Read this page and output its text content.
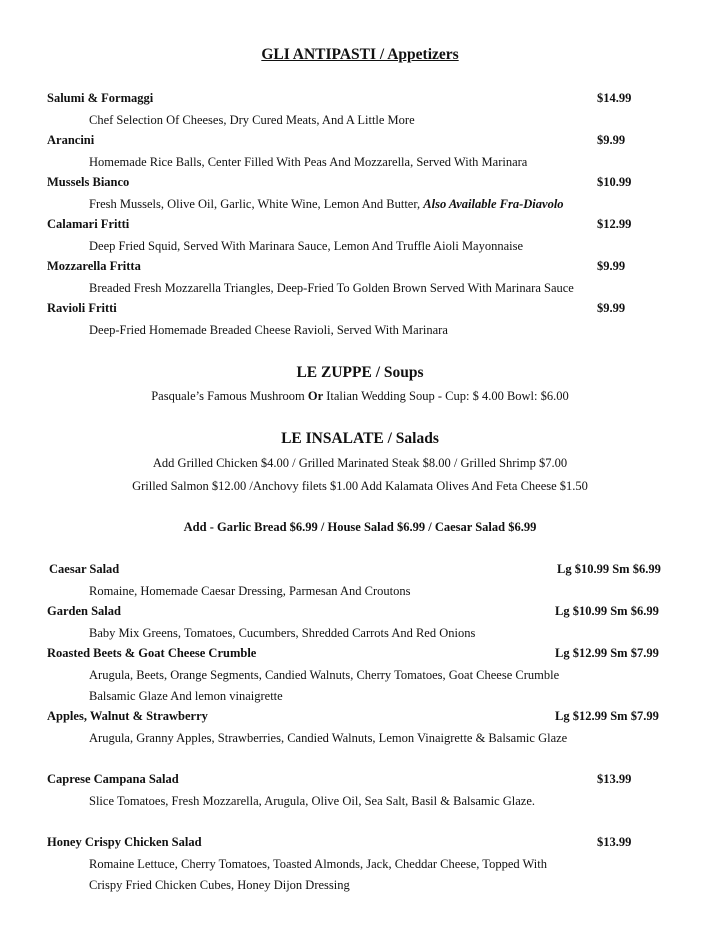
GLI ANTIPASTI / Appetizers
Salumi & Formaggi	$14.99
Chef Selection Of Cheeses, Dry Cured Meats, And A Little More
Arancini	$9.99
Homemade Rice Balls, Center Filled With Peas And Mozzarella, Served With Marinara
Mussels Bianco	$10.99
Fresh Mussels, Olive Oil, Garlic, White Wine, Lemon And Butter, Also Available Fra-Diavolo
Calamari Fritti	$12.99
Deep Fried Squid, Served With Marinara Sauce, Lemon And Truffle Aioli Mayonnaise
Mozzarella Fritta	$9.99
Breaded Fresh Mozzarella Triangles, Deep-Fried To Golden Brown Served With Marinara Sauce
Ravioli Fritti	$9.99
Deep-Fried Homemade Breaded Cheese Ravioli, Served With Marinara
LE ZUPPE / Soups
Pasquale’s Famous Mushroom Or Italian Wedding Soup - Cup: $ 4.00 Bowl: $6.00
LE INSALATE / Salads
Add Grilled Chicken $4.00 / Grilled Marinated Steak $8.00 / Grilled Shrimp $7.00
Grilled Salmon $12.00 /Anchovy filets $1.00 Add Kalamata Olives And Feta Cheese $1.50
Add - Garlic Bread $6.99 / House Salad $6.99 / Caesar Salad $6.99
Caesar Salad	Lg $10.99 Sm $6.99
Romaine, Homemade Caesar Dressing, Parmesan And Croutons
Garden Salad	Lg $10.99 Sm $6.99
Baby Mix Greens, Tomatoes, Cucumbers, Shredded Carrots And Red Onions
Roasted Beets & Goat Cheese Crumble	Lg $12.99 Sm $7.99
Arugula, Beets, Orange Segments, Candied Walnuts, Cherry Tomatoes, Goat Cheese Crumble
Balsamic Glaze And lemon vinaigrette
Apples, Walnut & Strawberry	Lg $12.99 Sm $7.99
Arugula, Granny Apples, Strawberries, Candied Walnuts, Lemon Vinaigrette & Balsamic Glaze
Caprese Campana Salad	$13.99
Slice Tomatoes, Fresh Mozzarella, Arugula, Olive Oil, Sea Salt, Basil & Balsamic Glaze.
Honey Crispy Chicken Salad	$13.99
Romaine Lettuce, Cherry Tomatoes, Toasted Almonds, Jack, Cheddar Cheese, Topped With
Crispy Fried Chicken Cubes, Honey Dijon Dressing
